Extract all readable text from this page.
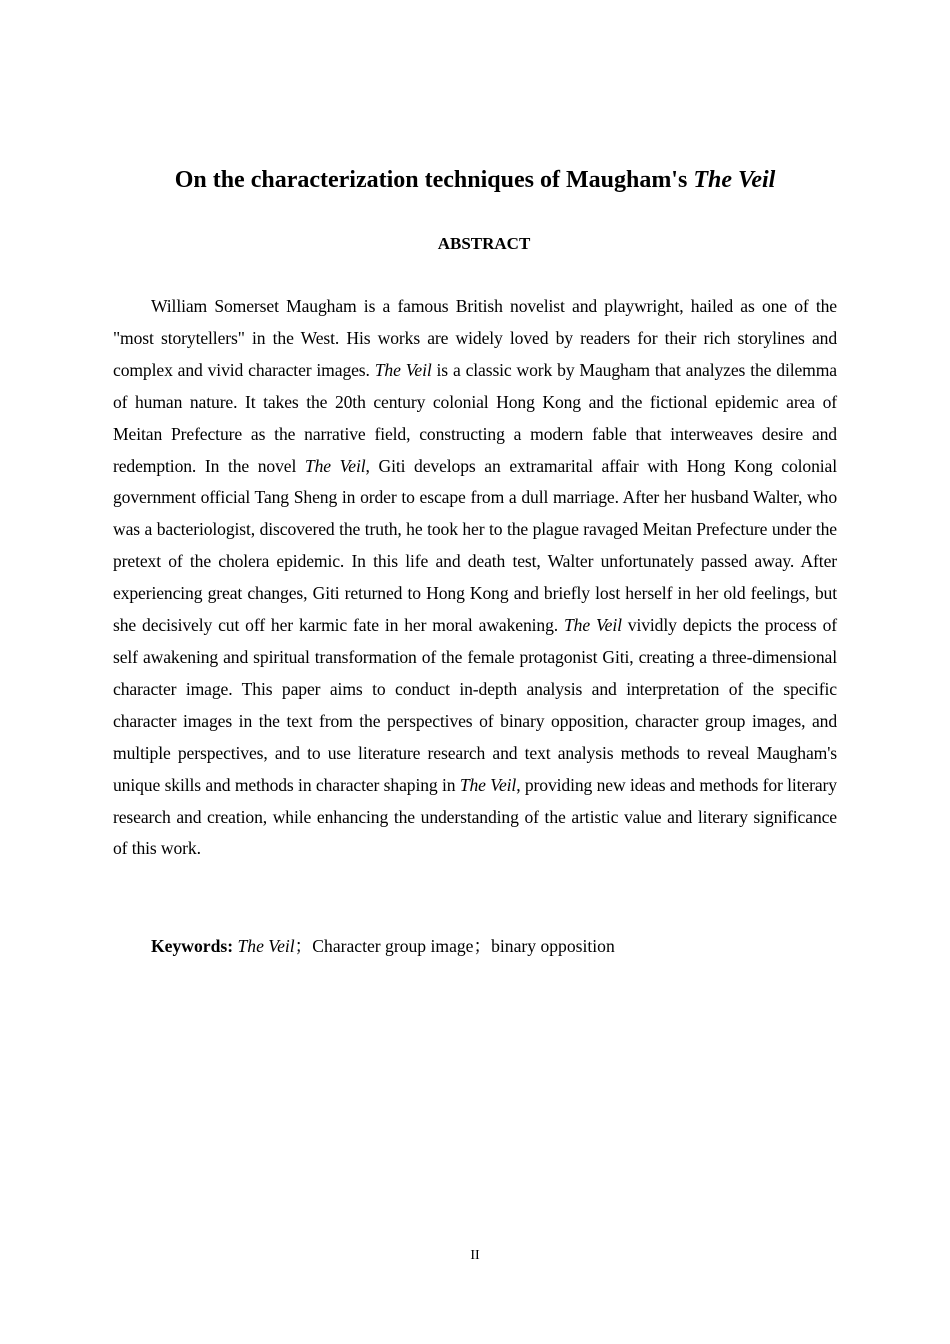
On the characterization techniques of Maugham's The Veil
ABSTRACT

William Somerset Maugham is a famous British novelist and playwright, hailed as one of the "most storytellers" in the West. His works are widely loved by readers for their rich storylines and complex and vivid character images. The Veil is a classic work by Maugham that analyzes the dilemma of human nature. It takes the 20th century colonial Hong Kong and the fictional epidemic area of Meitan Prefecture as the narrative field, constructing a modern fable that interweaves desire and redemption. In the novel The Veil, Giti develops an extramarital affair with Hong Kong colonial government official Tang Sheng in order to escape from a dull marriage. After her husband Walter, who was a bacteriologist, discovered the truth, he took her to the plague ravaged Meitan Prefecture under the pretext of the cholera epidemic. In this life and death test, Walter unfortunately passed away. After experiencing great changes, Giti returned to Hong Kong and briefly lost herself in her old feelings, but she decisively cut off her karmic fate in her moral awakening. The Veil vividly depicts the process of self awakening and spiritual transformation of the female protagonist Giti, creating a three-dimensional character image. This paper aims to conduct in-depth analysis and interpretation of the specific character images in the text from the perspectives of binary opposition, character group images, and multiple perspectives, and to use literature research and text analysis methods to reveal Maugham's unique skills and methods in character shaping in The Veil, providing new ideas and methods for literary research and creation, while enhancing the understanding of the artistic value and literary significance of this work.

Keywords: The Veil；Character group image；binary opposition

II
